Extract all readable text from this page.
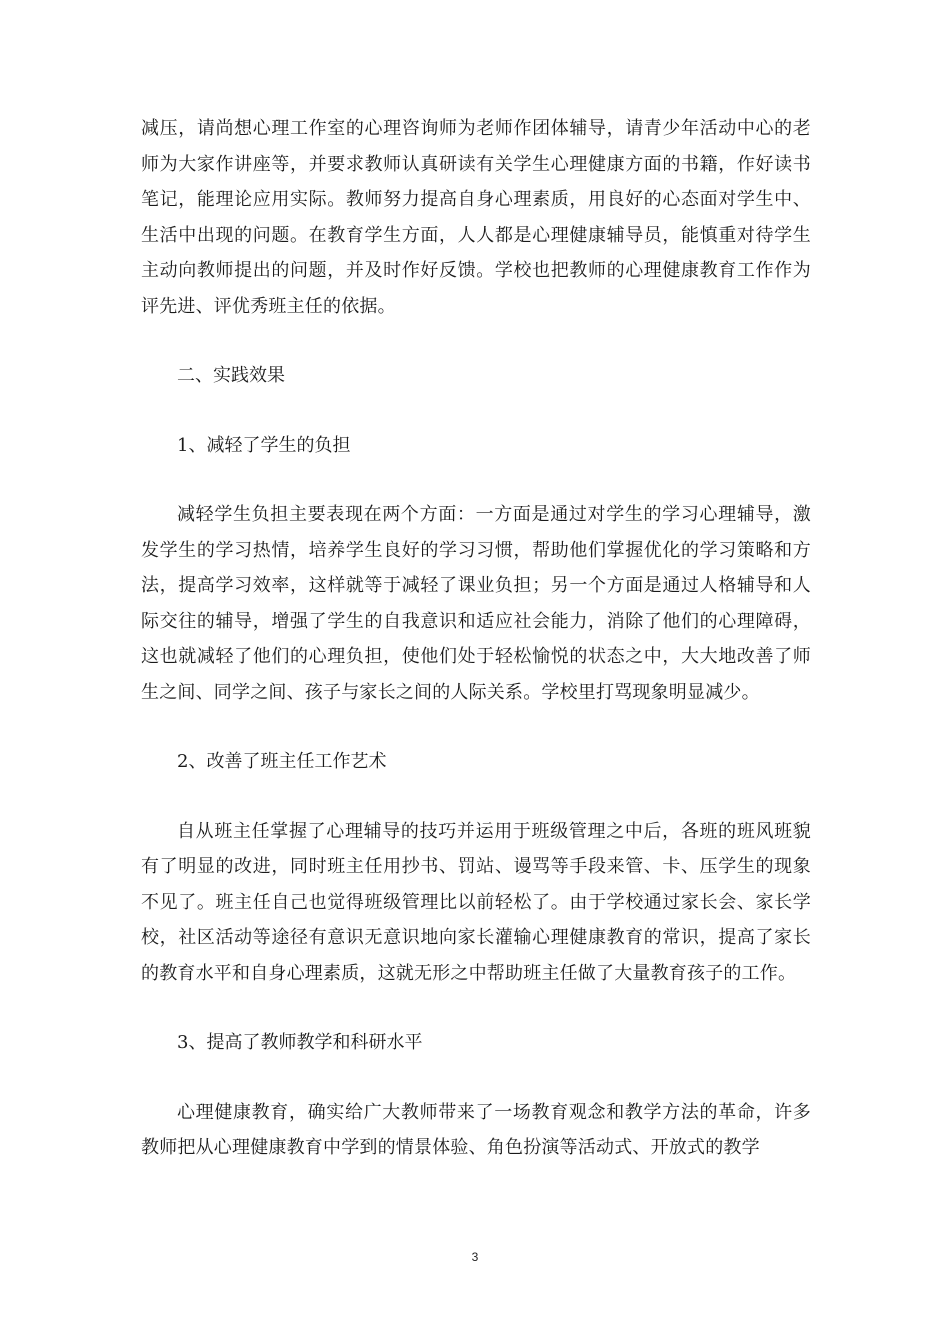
减压，请尚想心理工作室的心理咨询师为老师作团体辅导，请青少年活动中心的老师为大家作讲座等，并要求教师认真研读有关学生心理健康方面的书籍，作好读书笔记，能理论应用实际。教师努力提高自身心理素质，用良好的心态面对学生中、生活中出现的问题。在教育学生方面，人人都是心理健康辅导员，能慎重对待学生主动向教师提出的问题，并及时作好反馈。学校也把教师的心理健康教育工作作为评先进、评优秀班主任的依据。

二、实践效果

1、减轻了学生的负担

减轻学生负担主要表现在两个方面：一方面是通过对学生的学习心理辅导，激发学生的学习热情，培养学生良好的学习习惯，帮助他们掌握优化的学习策略和方法，提高学习效率，这样就等于减轻了课业负担；另一个方面是通过人格辅导和人际交往的辅导，增强了学生的自我意识和适应社会能力，消除了他们的心理障碍，这也就减轻了他们的心理负担，使他们处于轻松愉悦的状态之中，大大地改善了师生之间、同学之间、孩子与家长之间的人际关系。学校里打骂现象明显减少。

2、改善了班主任工作艺术

自从班主任掌握了心理辅导的技巧并运用于班级管理之中后，各班的班风班貌有了明显的改进，同时班主任用抄书、罚站、谩骂等手段来管、卡、压学生的现象不见了。班主任自己也觉得班级管理比以前轻松了。由于学校通过家长会、家长学校，社区活动等途径有意识无意识地向家长灌输心理健康教育的常识，提高了家长的教育水平和自身心理素质，这就无形之中帮助班主任做了大量教育孩子的工作。

3、提高了教师教学和科研水平

心理健康教育，确实给广大教师带来了一场教育观念和教学方法的革命，许多教师把从心理健康教育中学到的情景体验、角色扮演等活动式、开放式的教学

3
